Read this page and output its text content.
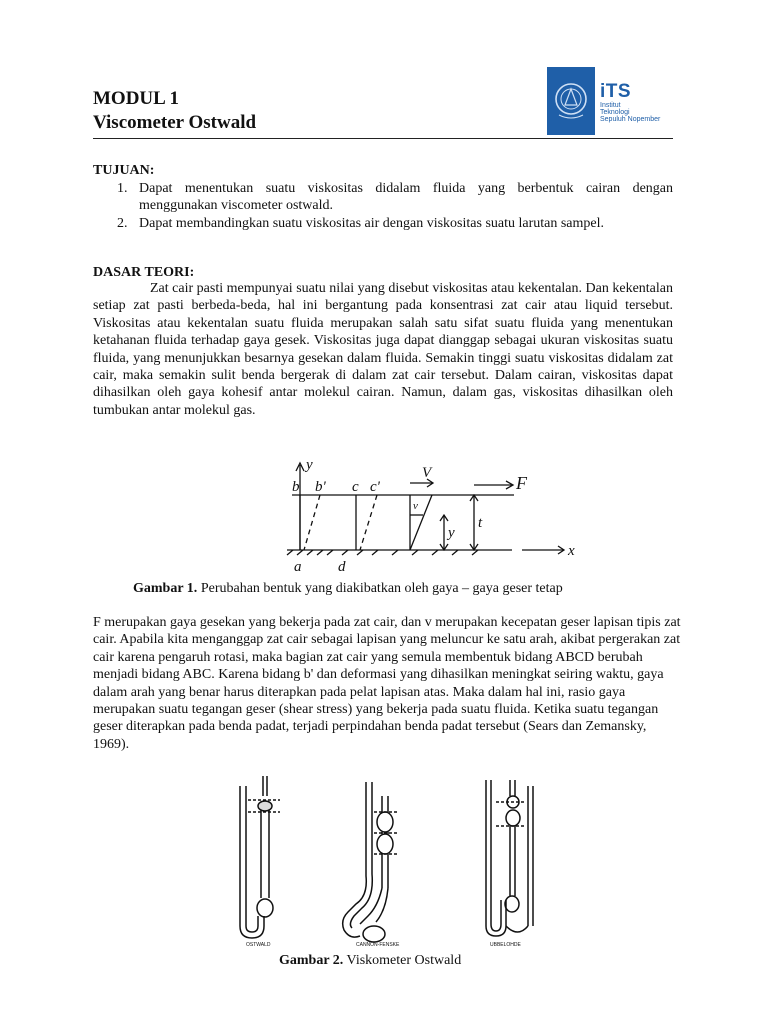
MODUL 1
Viscometer Ostwald
iTS
Institut
Teknologi
Sepuluh Nopember
TUJUAN:
1. Dapat menentukan suatu viskositas didalam fluida yang berbentuk cairan dengan menggunakan viscometer ostwald.
2. Dapat membandingkan suatu viskositas air dengan viskositas suatu larutan sampel.
DASAR TEORI:
Zat cair pasti mempunyai suatu nilai yang disebut viskositas atau kekentalan. Dan kekentalan setiap zat pasti berbeda-beda, hal ini bergantung pada konsentrasi zat cair atau liquid tersebut. Viskositas atau kekentalan suatu fluida merupakan salah satu sifat suatu fluida yang menentukan ketahanan fluida terhadap gaya gesek. Viskositas juga dapat dianggap sebagai ukuran viskositas suatu fluida, yang menunjukkan besarnya gesekan dalam fluida. Semakin tinggi suatu viskositas didalam zat cair, maka semakin sulit benda bergerak di dalam zat cair tersebut. Dalam cairan, viskositas dapat dihasilkan oleh gaya kohesif antar molekul cairan. Namun, dalam gas, viskositas dihasilkan oleh tumbukan antar molekul gas.
y
b b' c c'
V
v
y
t
F
x
a d
Gambar 1. Perubahan bentuk yang diakibatkan oleh gaya – gaya geser tetap
F merupakan gaya gesekan yang bekerja pada zat cair, dan v merupakan kecepatan geser lapisan tipis zat cair. Apabila kita menganggap zat cair sebagai lapisan yang meluncur ke satu arah, akibat pergerakan zat cair karena pengaruh rotasi, maka bagian zat cair yang semula membentuk bidang ABCD berubah menjadi bidang ABC. Karena bidang b' dan deformasi yang dihasilkan meningkat seiring waktu, gaya dalam arah yang benar harus diterapkan pada pelat lapisan atas. Maka dalam hal ini, rasio gaya merupakan suatu tegangan geser (shear stress) yang bekerja pada suatu fluida. Ketika suatu tegangan geser diterapkan pada benda padat, terjadi perpindahan benda padat tersebut (Sears dan Zemansky, 1969).
OSTWALD	CANNON-FENSKE	UBBELOHDE
Gambar 2. Viskometer Ostwald
